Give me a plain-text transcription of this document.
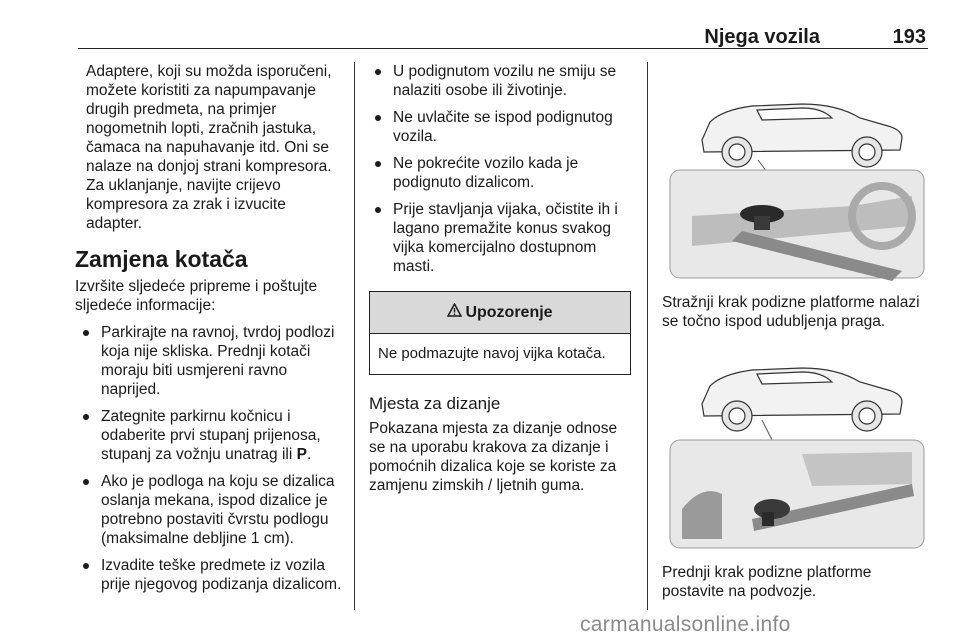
Njega vozila	193

Adaptere, koji su možda isporučeni, možete koristiti za napumpavanje drugih predmeta, na primjer nogometnih lopti, zračnih jastuka, čamaca na napuhavanje itd. Oni se nalaze na donjoj strani kompresora. Za uklanjanje, navijte crijevo kompresora za zrak i izvucite adapter.

Zamjena kotača

Izvršite sljedeće pripreme i poštujte sljedeće informacije:

Parkirajte na ravnoj, tvrdoj podlozi koja nije skliska. Prednji kotači moraju biti usmjereni ravno naprijed.
Zategnite parkirnu kočnicu i odaberite prvi stupanj prijenosa, stupanj za vožnju unatrag ili P.
Ako je podloga na koju se dizalica oslanja mekana, ispod dizalice je potrebno postaviti čvrstu podlogu (maksimalne debljine 1 cm).
Izvadite teške predmete iz vozila prije njegovog podizanja dizalicom.
U podignutom vozilu ne smiju se nalaziti osobe ili životinje.
Ne uvlačite se ispod podignutog vozila.
Ne pokrećite vozilo kada je podignuto dizalicom.
Prije stavljanja vijaka, očistite ih i lagano premažite konus svakog vijka komercijalno dostupnom masti.
Upozorenje
Ne podmazujte navoj vijka kotača.
Mjesta za dizanje

Pokazana mjesta za dizanje odnose se na uporabu krakova za dizanje i pomoćnih dizalica koje se koriste za zamjenu zimskih / ljetnih guma.

Stražnji krak podizne platforme nalazi se točno ispod udubljenja praga.
Prednji krak podizne platforme postavite na podvozje.
carmanualsonline.info
